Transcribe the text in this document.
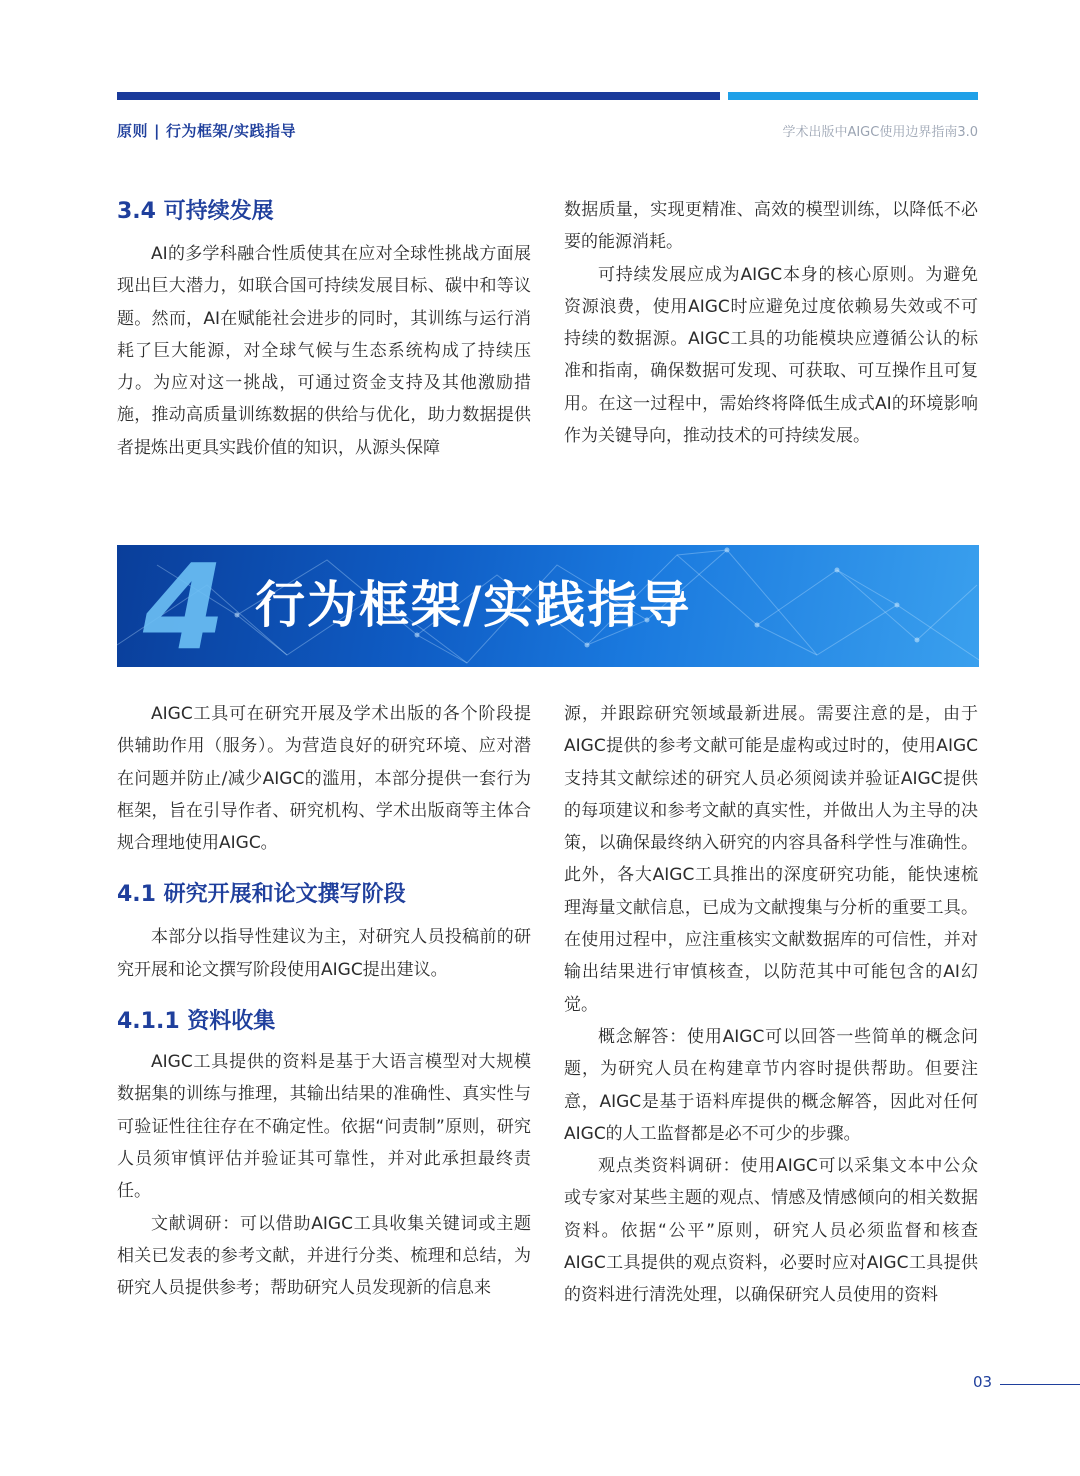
原则 | 行为框架/实践指导	学术出版中AIGC使用边界指南3.0
3.4 可持续发展

AI的多学科融合性质使其在应对全球性挑战方面展现出巨大潜力，如联合国可持续发展目标、碳中和等议题。然而，AI在赋能社会进步的同时，其训练与运行消耗了巨大能源，对全球气候与生态系统构成了持续压力。为应对这一挑战，可通过资金支持及其他激励措施，推动高质量训练数据的供给与优化，助力数据提供者提炼出更具实践价值的知识，从源头保障

数据质量，实现更精准、高效的模型训练，以降低不必要的能源消耗。

可持续发展应成为AIGC本身的核心原则。为避免资源浪费，使用AIGC时应避免过度依赖易失效或不可持续的数据源。AIGC工具的功能模块应遵循公认的标准和指南，确保数据可发现、可获取、可互操作且可复用。在这一过程中，需始终将降低生成式AI的环境影响作为关键导向，推动技术的可持续发展。

4 行为框架/实践指导

AIGC工具可在研究开展及学术出版的各个阶段提供辅助作用（服务）。为营造良好的研究环境、应对潜在问题并防止/减少AIGC的滥用，本部分提供一套行为框架，旨在引导作者、研究机构、学术出版商等主体合规合理地使用AIGC。

4.1 研究开展和论文撰写阶段

本部分以指导性建议为主，对研究人员投稿前的研究开展和论文撰写阶段使用AIGC提出建议。

4.1.1 资料收集

AIGC工具提供的资料是基于大语言模型对大规模数据集的训练与推理，其输出结果的准确性、真实性与可验证性往往存在不确定性。依据“问责制”原则，研究人员须审慎评估并验证其可靠性，并对此承担最终责任。

文献调研：可以借助AIGC工具收集关键词或主题相关已发表的参考文献，并进行分类、梳理和总结，为研究人员提供参考；帮助研究人员发现新的信息来

源，并跟踪研究领域最新进展。需要注意的是，由于AIGC提供的参考文献可能是虚构或过时的，使用AIGC支持其文献综述的研究人员必须阅读并验证AIGC提供的每项建议和参考文献的真实性，并做出人为主导的决策，以确保最终纳入研究的内容具备科学性与准确性。此外，各大AIGC工具推出的深度研究功能，能快速梳理海量文献信息，已成为文献搜集与分析的重要工具。在使用过程中，应注重核实文献数据库的可信性，并对输出结果进行审慎核查，以防范其中可能包含的AI幻觉。

概念解答：使用AIGC可以回答一些简单的概念问题，为研究人员在构建章节内容时提供帮助。但要注意，AIGC是基于语料库提供的概念解答，因此对任何AIGC的人工监督都是必不可少的步骤。

观点类资料调研：使用AIGC可以采集文本中公众或专家对某些主题的观点、情感及情感倾向的相关数据资料。依据“公平”原则，研究人员必须监督和核查AIGC工具提供的观点资料，必要时应对AIGC工具提供的资料进行清洗处理，以确保研究人员使用的资料

03
